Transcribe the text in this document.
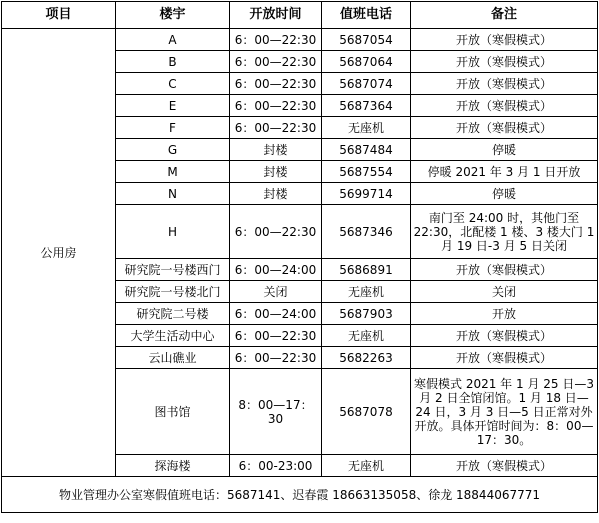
项目	楼宇	开放时间	值班电话	备注
公用房	A	6：00—22:30	5687054	开放（寒假模式）
	B	6：00—22:30	5687064	开放（寒假模式）
	C	6：00—22:30	5687074	开放（寒假模式）
	E	6：00—22:30	5687364	开放（寒假模式）
	F	6：00—22:30	无座机	开放（寒假模式）
	G	封楼	5687484	停暖
	M	封楼	5687554	停暖 2021 年 3 月 1 日开放
	N	封楼	5699714	停暖
	H	6：00—22:30	5687346	南门至 24:00 时，其他门至 22:30，北配楼 1 楼、3 楼大门 1 月 19 日-3 月 5 日关闭
	研究院一号楼西门	6：00—24:00	5686891	开放（寒假模式）
	研究院一号楼北门	关闭	无座机	关闭
	研究院二号楼	6：00—24:00	5687903	开放
	大学生活动中心	6：00—22:30	无座机	开放（寒假模式）
	云山礁业	6：00—22:30	5682263	开放（寒假模式）
	图书馆	8：00—17：30	5687078	寒假模式 2021 年 1 月 25 日—3 月 2 日全馆闭馆。1 月 18 日—24 日，3 月 3 日—5 日正常对外开放。具体开馆时间为：8：00—17：30。
	探海楼	6：00-23:00	无座机	开放（寒假模式）
物业管理办公室寒假值班电话：5687141、迟春霞 18663135058、徐龙 18844067771				
